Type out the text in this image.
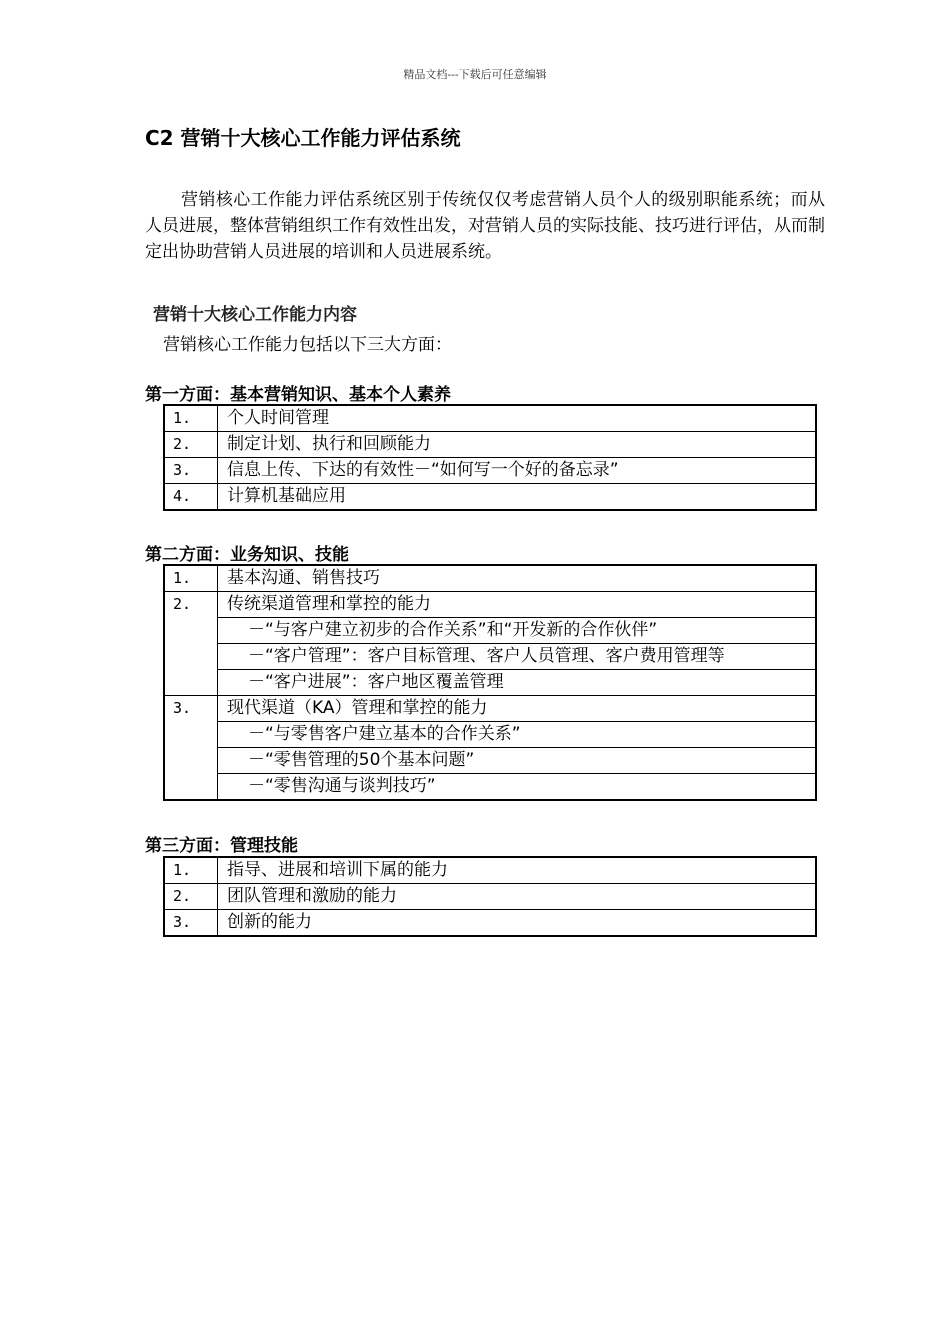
精品文档---下载后可任意编辑
C2 营销十大核心工作能力评估系统
营销核心工作能力评估系统区别于传统仅仅考虑营销人员个人的级别职能系统；而从人员进展，整体营销组织工作有效性出发，对营销人员的实际技能、技巧进行评估，从而制定出协助营销人员进展的培训和人员进展系统。
营销十大核心工作能力内容
营销核心工作能力包括以下三大方面：
第一方面：基本营销知识、基本个人素养
1.	个人时间管理
2.	制定计划、执行和回顾能力
3.	信息上传、下达的有效性－“如何写一个好的备忘录”
4.	计算机基础应用
第二方面：业务知识、技能
1.	基本沟通、销售技巧
2.	传统渠道管理和掌控的能力
	－“与客户建立初步的合作关系”和“开发新的合作伙伴”
	－“客户管理”：客户目标管理、客户人员管理、客户费用管理等
	－“客户进展”：客户地区覆盖管理
3.	现代渠道（KA）管理和掌控的能力
	－“与零售客户建立基本的合作关系”
	－“零售管理的50个基本问题”
	－“零售沟通与谈判技巧”
第三方面：管理技能
1.	指导、进展和培训下属的能力
2.	团队管理和激励的能力
3.	创新的能力
